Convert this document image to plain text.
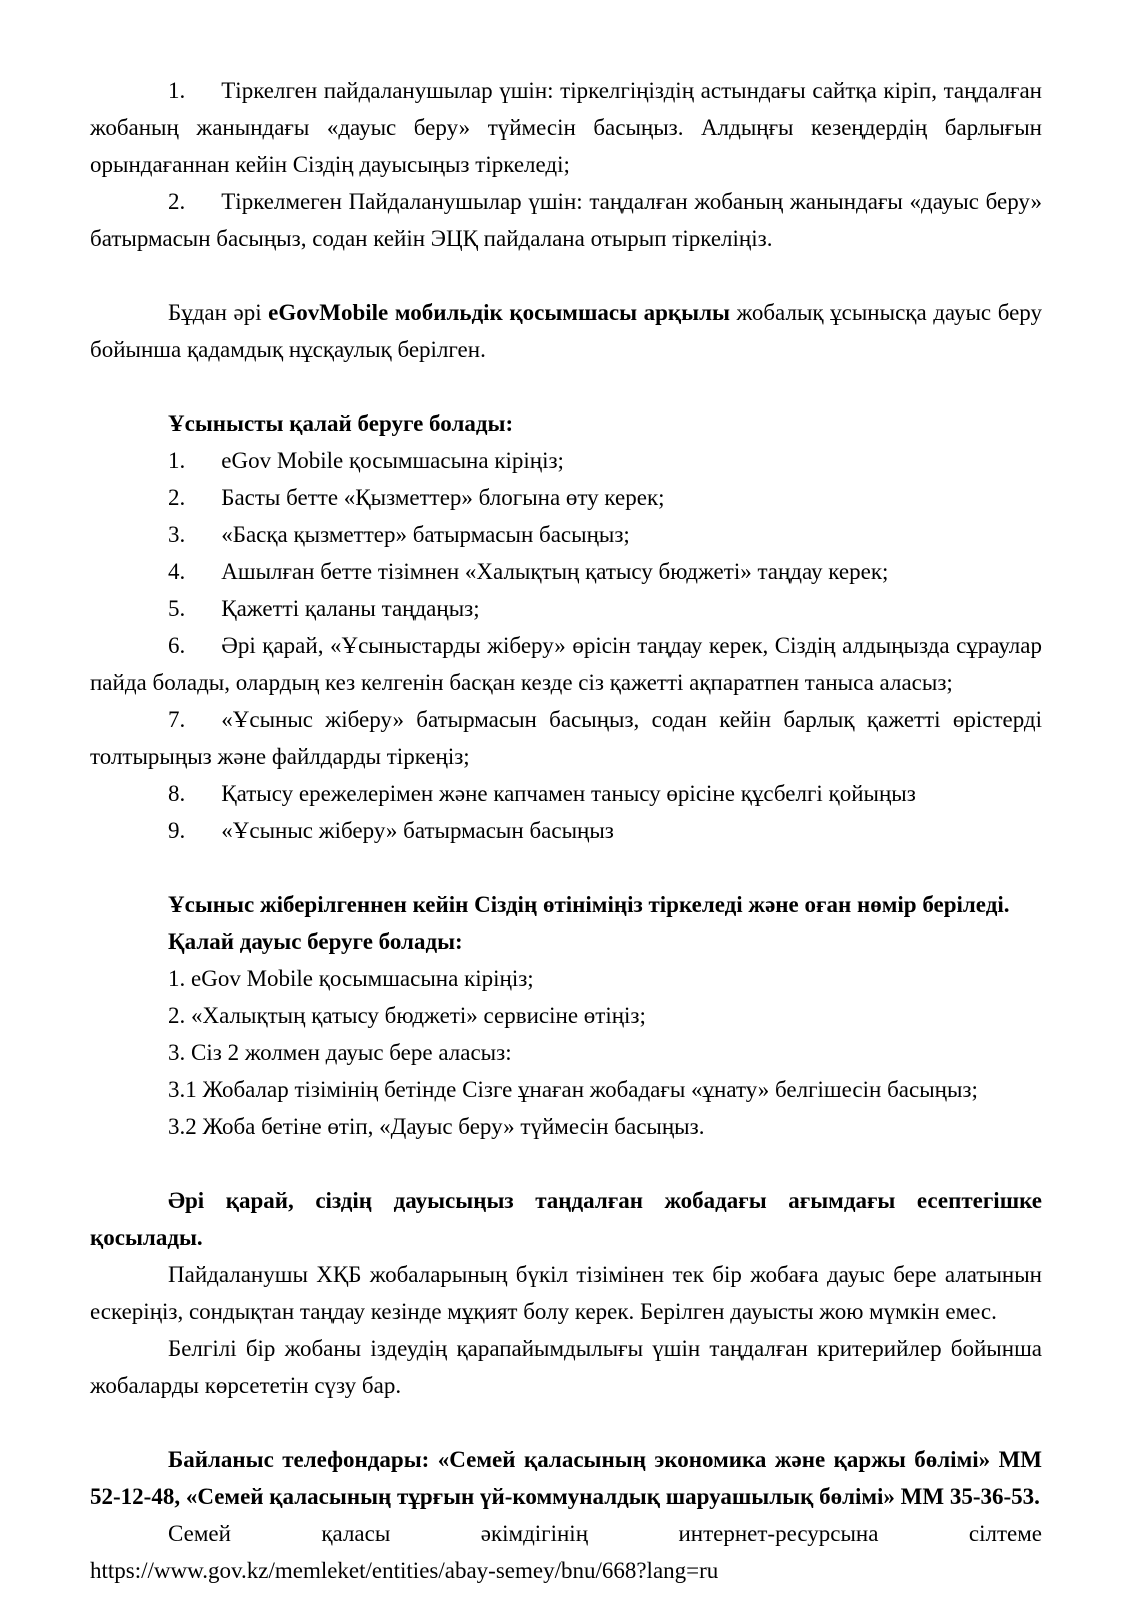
1. Тіркелген пайдаланушылар үшін: тіркелгіңіздің астындағы сайтқа кіріп, таңдалған жобаның жанындағы «дауыс беру» түймесін басыңыз. Алдыңғы кезеңдердің барлығын орындағаннан кейін Сіздің дауысыңыз тіркеледі;

2. Тіркелмеген Пайдаланушылар үшін: таңдалған жобаның жанындағы «дауыс беру» батырмасын басыңыз, содан кейін ЭЦҚ пайдалана отырып тіркеліңіз.

Бұдан әрі eGovMobile мобильдік қосымшасы арқылы жобалық ұсынысқа дауыс беру бойынша қадамдық нұсқаулық берілген.

Ұсынысты қалай беруге болады:

1. eGov Mobile қосымшасына кіріңіз;

2. Басты бетте «Қызметтер» блогына өту керек;

3. «Басқа қызметтер» батырмасын басыңыз;

4. Ашылған бетте тізімнен «Халықтың қатысу бюджеті» таңдау керек;

5. Қажетті қаланы таңдаңыз;

6. Әрі қарай, «Ұсыныстарды жіберу» өрісін таңдау керек, Сіздің алдыңызда сұраулар пайда болады, олардың кез келгенін басқан кезде сіз қажетті ақпаратпен таныса аласыз;

7. «Ұсыныс жіберу» батырмасын басыңыз, содан кейін барлық қажетті өрістерді толтырыңыз және файлдарды тіркеңіз;

8. Қатысу ережелерімен және капчамен танысу өрісіне құсбелгі қойыңыз

9. «Ұсыныс жіберу» батырмасын басыңыз

Ұсыныс жіберілгеннен кейін Сіздің өтініміңіз тіркеледі және оған нөмір беріледі.

Қалай дауыс беруге болады:

1. eGov Mobile қосымшасына кіріңіз;

2. «Халықтың қатысу бюджеті» сервисіне өтіңіз;

3. Сіз 2 жолмен дауыс бере аласыз:

3.1 Жобалар тізімінің бетінде Сізге ұнаған жобадағы «ұнату» белгішесін басыңыз;

3.2 Жоба бетіне өтіп, «Дауыс беру» түймесін басыңыз.

Әрі қарай, сіздің дауысыңыз таңдалған жобадағы ағымдағы есептегішке қосылады.

Пайдаланушы ХҚБ жобаларының бүкіл тізімінен тек бір жобаға дауыс бере алатынын ескеріңіз, сондықтан таңдау кезінде мұқият болу керек. Берілген дауысты жою мүмкін емес.

Белгілі бір жобаны іздеудің қарапайымдылығы үшін таңдалған критерийлер бойынша жобаларды көрсететін сүзу бар.

Байланыс телефондары: «Семей қаласының экономика және қаржы бөлімі» ММ 52-12-48, «Семей қаласының тұрғын үй-коммуналдық шаруашылық бөлімі» ММ 35-36-53.

Семей қаласы әкімдігінің интернет-ресурсына сілтеме https://www.gov.kz/memleket/entities/abay-semey/bnu/668?lang=ru
